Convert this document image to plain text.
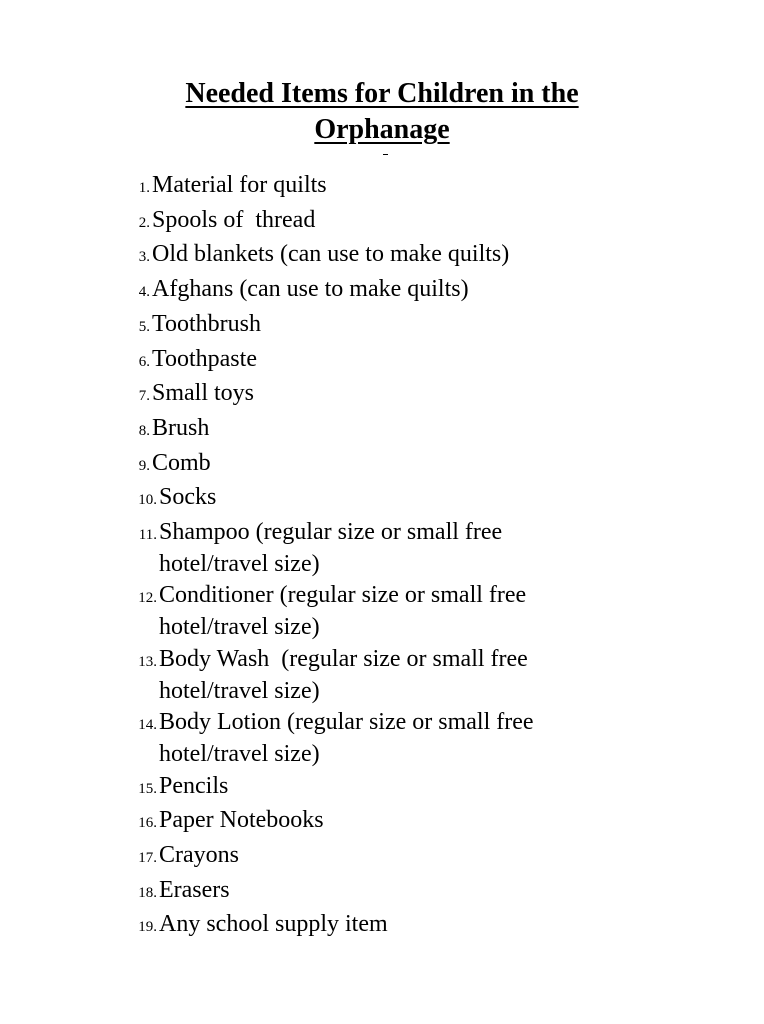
Needed Items for Children in the
Orphanage
1. Material for quilts
2. Spools of  thread
3. Old blankets (can use to make quilts)
4. Afghans (can use to make quilts)
5. Toothbrush
6. Toothpaste
7. Small toys
8. Brush
9. Comb
10. Socks
11. Shampoo (regular size or small free
hotel/travel size)
12. Conditioner (regular size or small free
hotel/travel size)
13. Body Wash  (regular size or small free
hotel/travel size)
14. Body Lotion (regular size or small free
hotel/travel size)
15. Pencils
16. Paper Notebooks
17. Crayons
18. Erasers
19. Any school supply item
